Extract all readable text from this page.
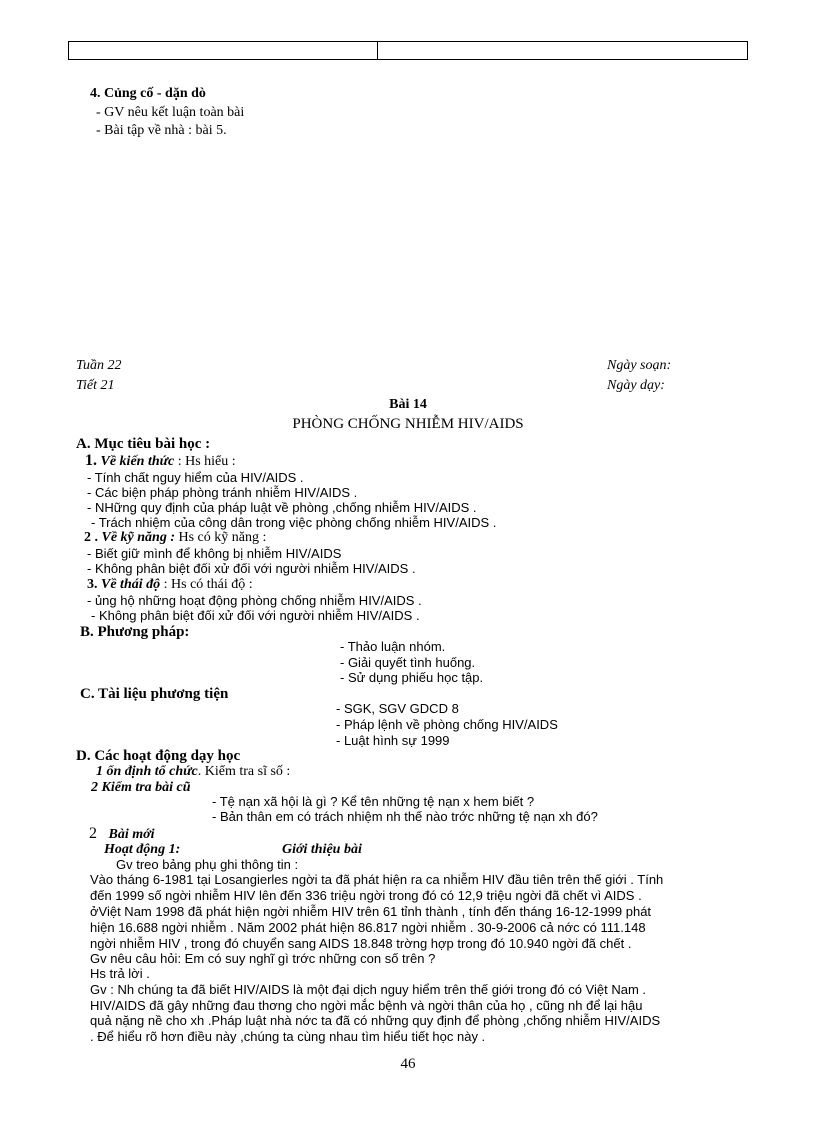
4. Củng cố - dặn dò
- GV nêu kết luận toàn bài
- Bài tập về nhà : bài 5.
Tuần 22
Tiết 21
Ngày soạn:
Ngày dạy:
Bài 14
PHÒNG CHỐNG NHIỄM HIV/AIDS
A. Mục tiêu bài học :
1. Về kiến thức : Hs hiểu :
- Tính chất nguy hiểm của HIV/AIDS .
- Các biện pháp phòng tránh nhiễm HIV/AIDS .
- NHững quy định của pháp luật về phòng ,chống nhiễm HIV/AIDS .
- Trách nhiệm của công dân trong việc phòng chống nhiễm HIV/AIDS .
2 . Về kỹ năng : Hs có kỹ năng :
- Biết giữ mình để không bị nhiễm HIV/AIDS
- Không phân biệt đối xử đối với người nhiễm HIV/AIDS .
3. Về thái độ : Hs có thái độ :
- ủng hộ những hoạt động phòng chống nhiễm HIV/AIDS .
- Không phân biệt đối xử đối với người nhiễm HIV/AIDS .
B. Phương pháp:
- Thảo luận nhóm.
- Giải quyết tình huống.
- Sử dụng phiếu học tập.
C. Tài liệu phương tiện
- SGK, SGV GDCD 8
- Pháp lệnh về phòng chống HIV/AIDS
- Luật hình sự 1999
D. Các hoạt động dạy học
1 ổn định tổ chức. Kiểm tra sĩ số :
2 Kiểm tra bài cũ
- Tệ nạn xã hội là gì ? Kể tên những tệ nạn x hem biết ?
- Bản thân em có trách nhiệm nh thế nào trớc những tệ nạn xh đó?
2 Bài mới
Hoạt động 1:	Giới thiệu bài
Gv treo bảng phụ ghi thông tin :
Vào tháng 6-1981 tại Losangierles ngời ta đã phát hiện ra ca nhiễm HIV đầu tiên trên thế giới . Tính
đến 1999 số ngời nhiễm HIV lên đến 336 triệu ngời trong đó có 12,9 triệu ngời đã chết vì AIDS .
ởViệt Nam 1998 đã phát hiện ngời nhiễm HIV trên 61 tỉnh thành , tính đến tháng 16-12-1999 phát
hiện 16.688 ngời nhiễm . Năm 2002 phát hiện 86.817 ngời nhiễm . 30-9-2006 cả nớc có 111.148
ngời nhiễm HIV , trong đó chuyển sang AIDS 18.848 trờng hợp trong đó 10.940 ngời đã chết .
Gv nêu câu hỏi: Em có suy nghĩ gì trớc những con số trên ?
Hs trả lời .
Gv : Nh chúng ta đã biết HIV/AIDS là một đại dịch nguy hiểm trên thế giới trong đó có Việt Nam .
HIV/AIDS đã gây những đau thơng cho ngời mắc bệnh và ngời thân của họ , cũng nh để lại hậu
quả nặng nề cho xh .Pháp luật nhà nớc ta đã có những quy định để phòng ,chống nhiễm HIV/AIDS
. Để hiểu rõ hơn điều này ,chúng ta cùng nhau tìm hiểu tiết học này .
46
